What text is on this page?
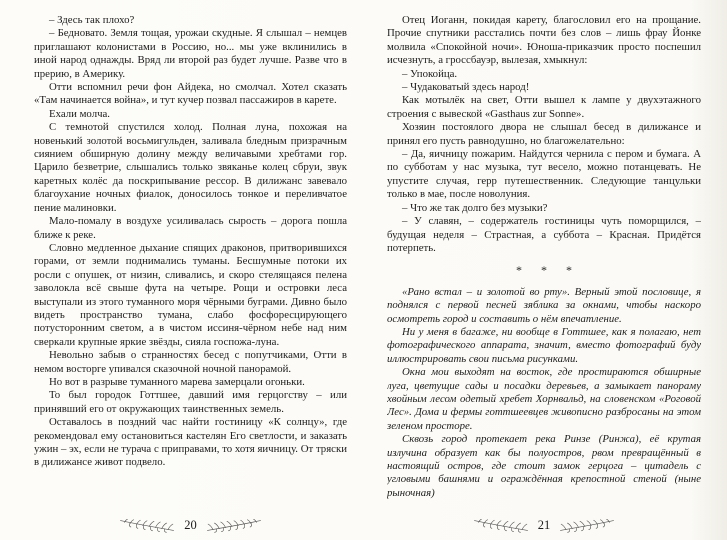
– Здесь так плохо?

– Бедновато. Земля тощая, урожаи скудные. Я слышал – немцев приглашают колонистами в Россию, но... мы уже вклинились в иной народ однажды. Вряд ли второй раз будет лучше. Разве что в прерию, в Америку.

Отти вспомнил речи фон Айдека, но смолчал. Хотел сказать «Там начинается война», и тут кучер позвал пассажиров в карете.

Ехали молча.

С темнотой спустился холод. Полная луна, похожая на новенький золотой восьмигульден, заливала бледным призрачным сиянием обширную долину между величавыми хребтами гор. Царило безветрие, слышались только звяканье колец сбруи, звук каретных колёс да поскрипывание рессор. В дилижанс завевало благоухание ночных фиалок, доносилось тонкое и переливчатое пение малиновки.

Мало-помалу в воздухе усиливалась сырость – дорога пошла ближе к реке.

Словно медленное дыхание спящих драконов, притворившихся горами, от земли поднимались туманы. Бесшумные потоки их росли с опушек, от низин, сливались, и скоро стелящаяся пелена заволокла всё свыше фута на четыре. Рощи и островки леса выступали из этого туманного моря чёрными буграми. Дивно было видеть пространство тумана, слабо фосфоресцирующего потусторонним светом, а в чистом иссиня-чёрном небе над ним сверкали крупные яркие звёзды, сияла госпожа-луна.

Невольно забыв о странностях бесед с попутчиками, Отти в немом восторге упивался сказочной ночной панорамой.

Но вот в разрыве туманного марева замерцали огоньки.

То был городок Готтшее, давший имя герцогству – или принявший его от окружающих таинственных земель.

Оставалось в поздний час найти гостиницу «К солнцу», где рекомендовал ему остановиться кастелян Его светлости, и заказать ужин – эх, если не турача с приправами, то хотя яичницу. От тряски в дилижансе живот подвело.

20

Отец Иоганн, покидая карету, благословил его на прощание. Прочие спутники расстались почти без слов – лишь фрау Йонке молвила «Спокойной ночи». Юноша-приказчик просто поспешил исчезнуть, а гроссбауэр, вылезая, хмыкнул:

– Упокойца.

– Чудаковатый здесь народ!

Как мотылёк на свет, Отти вышел к лампе у двухэтажного строения с вывеской «Gasthaus zur Sonne».

Хозяин постоялого двора не слышал бесед в дилижансе и принял его пусть равнодушно, но благожелательно:

– Да, яичницу пожарим. Найдутся чернила с пером и бумага. А по субботам у нас музыка, тут весело, можно потанцевать. Не упустите случая, герр путешественник. Следующие танцульки только в мае, после новолуния.

– Что же так долго без музыки?

– У славян, – содержатель гостиницы чуть поморщился, – будущая неделя – Страстная, а суббота – Красная. Придётся потерпеть.

* * *

«Рано встал – и золотой во рту». Верный этой пословице, я поднялся с первой песней зяблика за окнами, чтобы наскоро осмотреть город и составить о нём впечатление.

Ни у меня в багаже, ни вообще в Готтшее, как я полагаю, нет фотографического аппарата, значит, вместо фотографий буду иллюстрировать свои письма рисунками.

Окна мои выходят на восток, где простираются обширные луга, цветущие сады и посадки деревьев, а замыкает панораму хвойным лесом одетый хребет Хорнвальд, на словенском «Роговой Лес». Дома и фермы готтшеевцев живописно разбросаны на этом зеленом просторе.

Сквозь город протекает река Ринзе (Ринжа), её крутая излучина образует как бы полуостров, рвом превращённый в настоящий остров, где стоит замок герцога – цитадель с угловыми башнями и ограждённая крепостной стеной (ныне рыночная)

21
